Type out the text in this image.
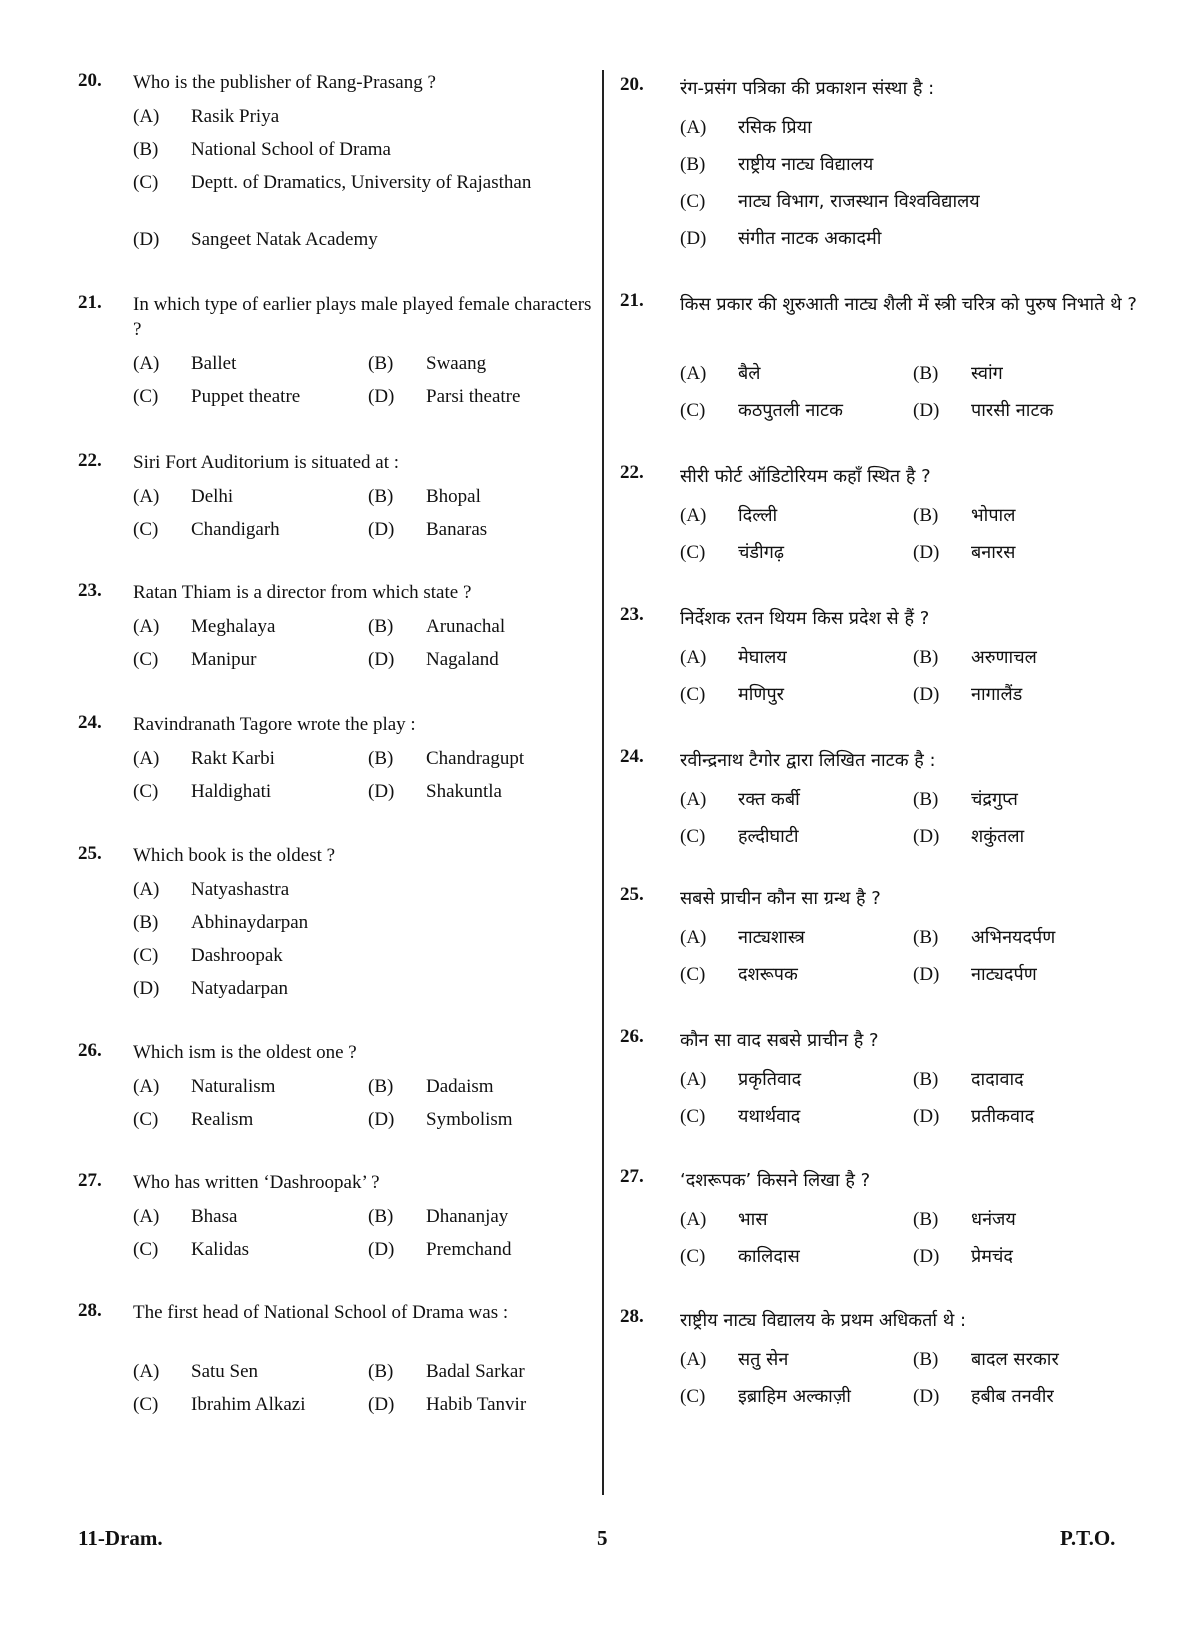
20. Who is the publisher of Rang-Prasang ?
(A) Rasik Priya
(B) National School of Drama
(C) Deptt. of Dramatics, University of Rajasthan
(D) Sangeet Natak Academy
21. In which type of earlier plays male played female characters ?
(A) Ballet	(B) Swaang
(C) Puppet theatre	(D) Parsi theatre
22. Siri Fort Auditorium is situated at :
(A) Delhi	(B) Bhopal
(C) Chandigarh	(D) Banaras
23. Ratan Thiam is a director from which state ?
(A) Meghalaya	(B) Arunachal
(C) Manipur	(D) Nagaland
24. Ravindranath Tagore wrote the play :
(A) Rakt Karbi	(B) Chandragupt
(C) Haldighati	(D) Shakuntla
25. Which book is the oldest ?
(A) Natyashastra
(B) Abhinaydarpan
(C) Dashroopak
(D) Natyadarpan
26. Which ism is the oldest one ?
(A) Naturalism	(B) Dadaism
(C) Realism	(D) Symbolism
27. Who has written ‘Dashroopak’ ?
(A) Bhasa	(B) Dhananjay
(C) Kalidas	(D) Premchand
28. The first head of National School of Drama was :
(A) Satu Sen	(B) Badal Sarkar
(C) Ibrahim Alkazi	(D) Habib Tanvir
20. रंग-प्रसंग पत्रिका की प्रकाशन संस्था है :
(A) रसिक प्रिया
(B) राष्ट्रीय नाट्य विद्यालय
(C) नाट्य विभाग, राजस्थान विश्वविद्यालय
(D) संगीत नाटक अकादमी
21. किस प्रकार की शुरुआती नाट्य शैली में स्त्री चरित्र को पुरुष निभाते थे ?
(A) बैले	(B) स्वांग
(C) कठपुतली नाटक	(D) पारसी नाटक
22. सीरी फोर्ट ऑडिटोरियम कहाँ स्थित है ?
(A) दिल्ली	(B) भोपाल
(C) चंडीगढ़	(D) बनारस
23. निर्देशक रतन थियम किस प्रदेश से हैं ?
(A) मेघालय	(B) अरुणाचल
(C) मणिपुर	(D) नागालैंड
24. रवीन्द्रनाथ टैगोर द्वारा लिखित नाटक है :
(A) रक्त कर्बी	(B) चंद्रगुप्त
(C) हल्दीघाटी	(D) शकुंतला
25. सबसे प्राचीन कौन सा ग्रन्थ है ?
(A) नाट्यशास्त्र	(B) अभिनयदर्पण
(C) दशरूपक	(D) नाट्यदर्पण
26. कौन सा वाद सबसे प्राचीन है ?
(A) प्रकृतिवाद	(B) दादावाद
(C) यथार्थवाद	(D) प्रतीकवाद
27. ‘दशरूपक’ किसने लिखा है ?
(A) भास	(B) धनंजय
(C) कालिदास	(D) प्रेमचंद
28. राष्ट्रीय नाट्य विद्यालय के प्रथम अधिकर्ता थे :
(A) सतु सेन	(B) बादल सरकार
(C) इब्राहिम अल्काज़ी	(D) हबीब तनवीर
11-Dram.	5	P.T.O.
